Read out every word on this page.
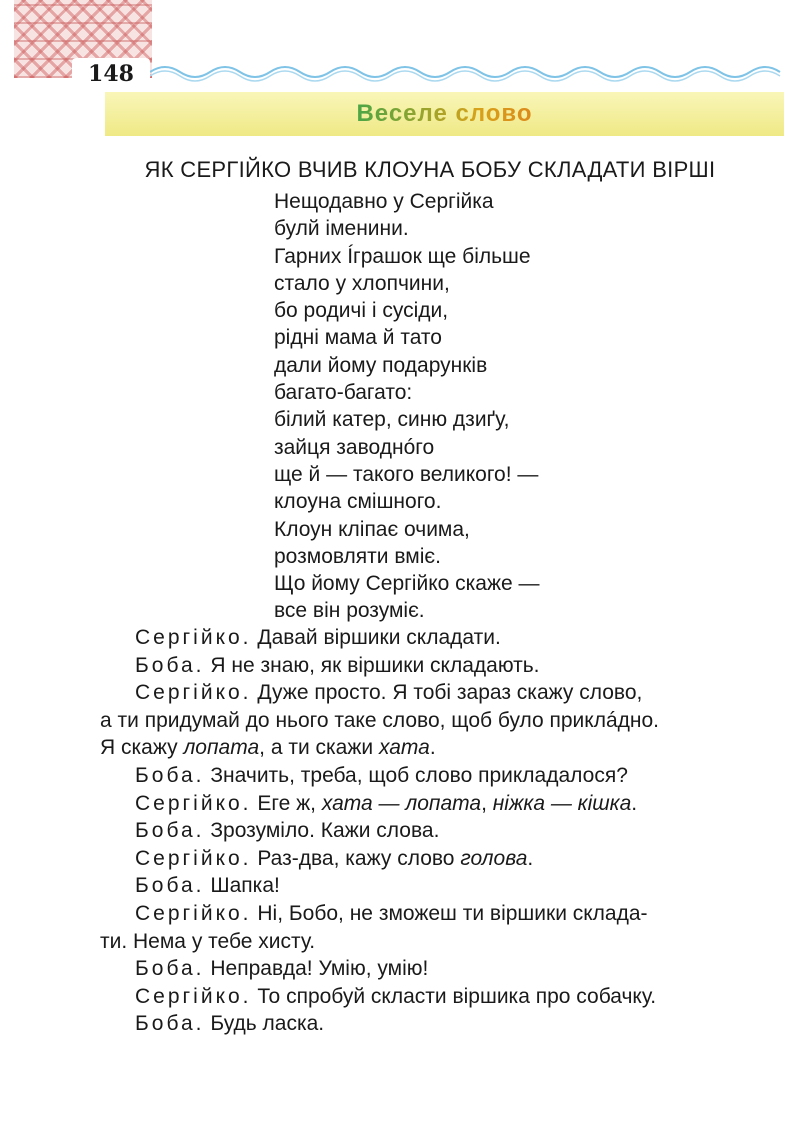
148
Веселе слово
ЯК СЕРГІЙКО ВЧИВ КЛОУНА БОБУ СКЛАДАТИ ВІРШІ
Нещодавно у Сергійка
булй іменини.
Гарних Íграшок ще більше
стало у хлопчини,
бо родичі і сусіди,
рідні мама й тато
дали йому подарунків
багато-багато:
білий катер, синю дзиґу,
зайця заводнóго
ще й — такого великого! —
клоуна смішного.
Клоун кліпає очима,
розмовляти вміє.
Що йому Сергійко скаже —
все він розуміє.
Сергійко. Давай віршики складати.
Боба. Я не знаю, як віршики складають.
Сергійко. Дуже просто. Я тобі зараз скажу слово,
а ти придумай до нього таке слово, щоб було приклáдно.
Я скажу лопата, а ти скажи хата.
Боба. Значить, треба, щоб слово прикладалося?
Сергійко. Еге ж, хата — лопата, ніжка — кішка.
Боба. Зрозуміло. Кажи слова.
Сергійко. Раз-два, кажу слово голова.
Боба. Шапка!
Сергійко. Ні, Бобо, не зможеш ти віршики склада-
ти. Нема у тебе хисту.
Боба. Неправда! Умію, умію!
Сергійко. То спробуй скласти віршика про собачку.
Боба. Будь ласка.
